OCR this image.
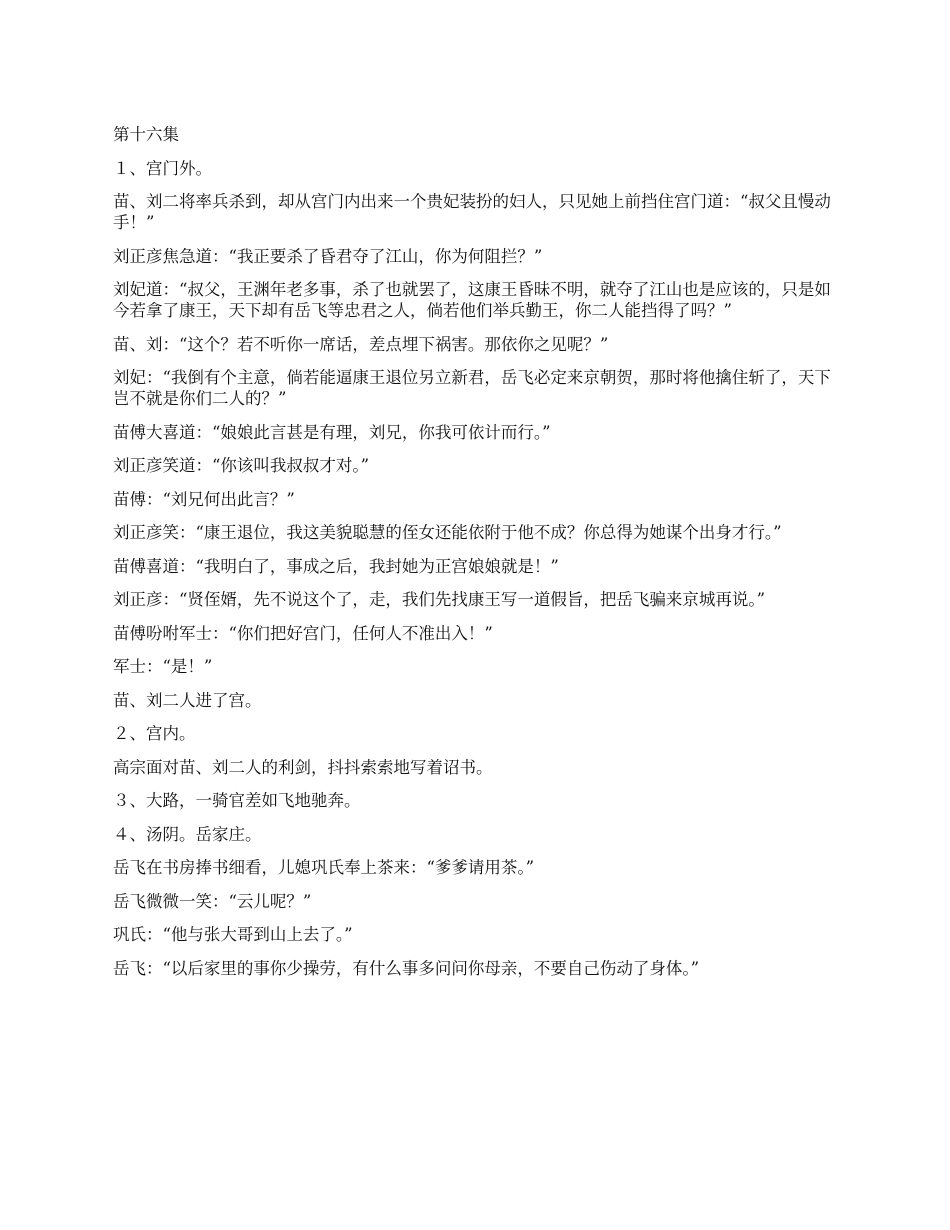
第十六集

１、宫门外。

苗、刘二将率兵杀到，却从宫门内出来一个贵妃装扮的妇人，只见她上前挡住宫门道：“叔父且慢动手！”

刘正彦焦急道：“我正要杀了昏君夺了江山，你为何阻拦？”

刘妃道：“叔父，王渊年老多事，杀了也就罢了，这康王昏昧不明，就夺了江山也是应该的，只是如今若拿了康王，天下却有岳飞等忠君之人，倘若他们举兵勤王，你二人能挡得了吗？”

苗、刘：“这个？若不听你一席话，差点埋下祸害。那依你之见呢？”

刘妃：“我倒有个主意，倘若能逼康王退位另立新君，岳飞必定来京朝贺，那时将他擒住斩了，天下岂不就是你们二人的？”

苗傅大喜道：“娘娘此言甚是有理，刘兄，你我可依计而行。”

刘正彦笑道：“你该叫我叔叔才对。”

苗傅：“刘兄何出此言？”

刘正彦笑：“康王退位，我这美貌聪慧的侄女还能依附于他不成？你总得为她谋个出身才行。”

苗傅喜道：“我明白了，事成之后，我封她为正宫娘娘就是！”

刘正彦：“贤侄婿，先不说这个了，走，我们先找康王写一道假旨，把岳飞骗来京城再说。”

苗傅吩咐军士：“你们把好宫门，任何人不准出入！”

军士：“是！”

苗、刘二人进了宫。

２、宫内。

高宗面对苗、刘二人的利剑，抖抖索索地写着诏书。

３、大路，一骑官差如飞地驰奔。

４、汤阴。岳家庄。

岳飞在书房捧书细看，儿媳巩氏奉上茶来：“爹爹请用茶。”

岳飞微微一笑：“云儿呢？”

巩氏：“他与张大哥到山上去了。”

岳飞：“以后家里的事你少操劳，有什么事多问问你母亲，不要自己伤动了身体。”
